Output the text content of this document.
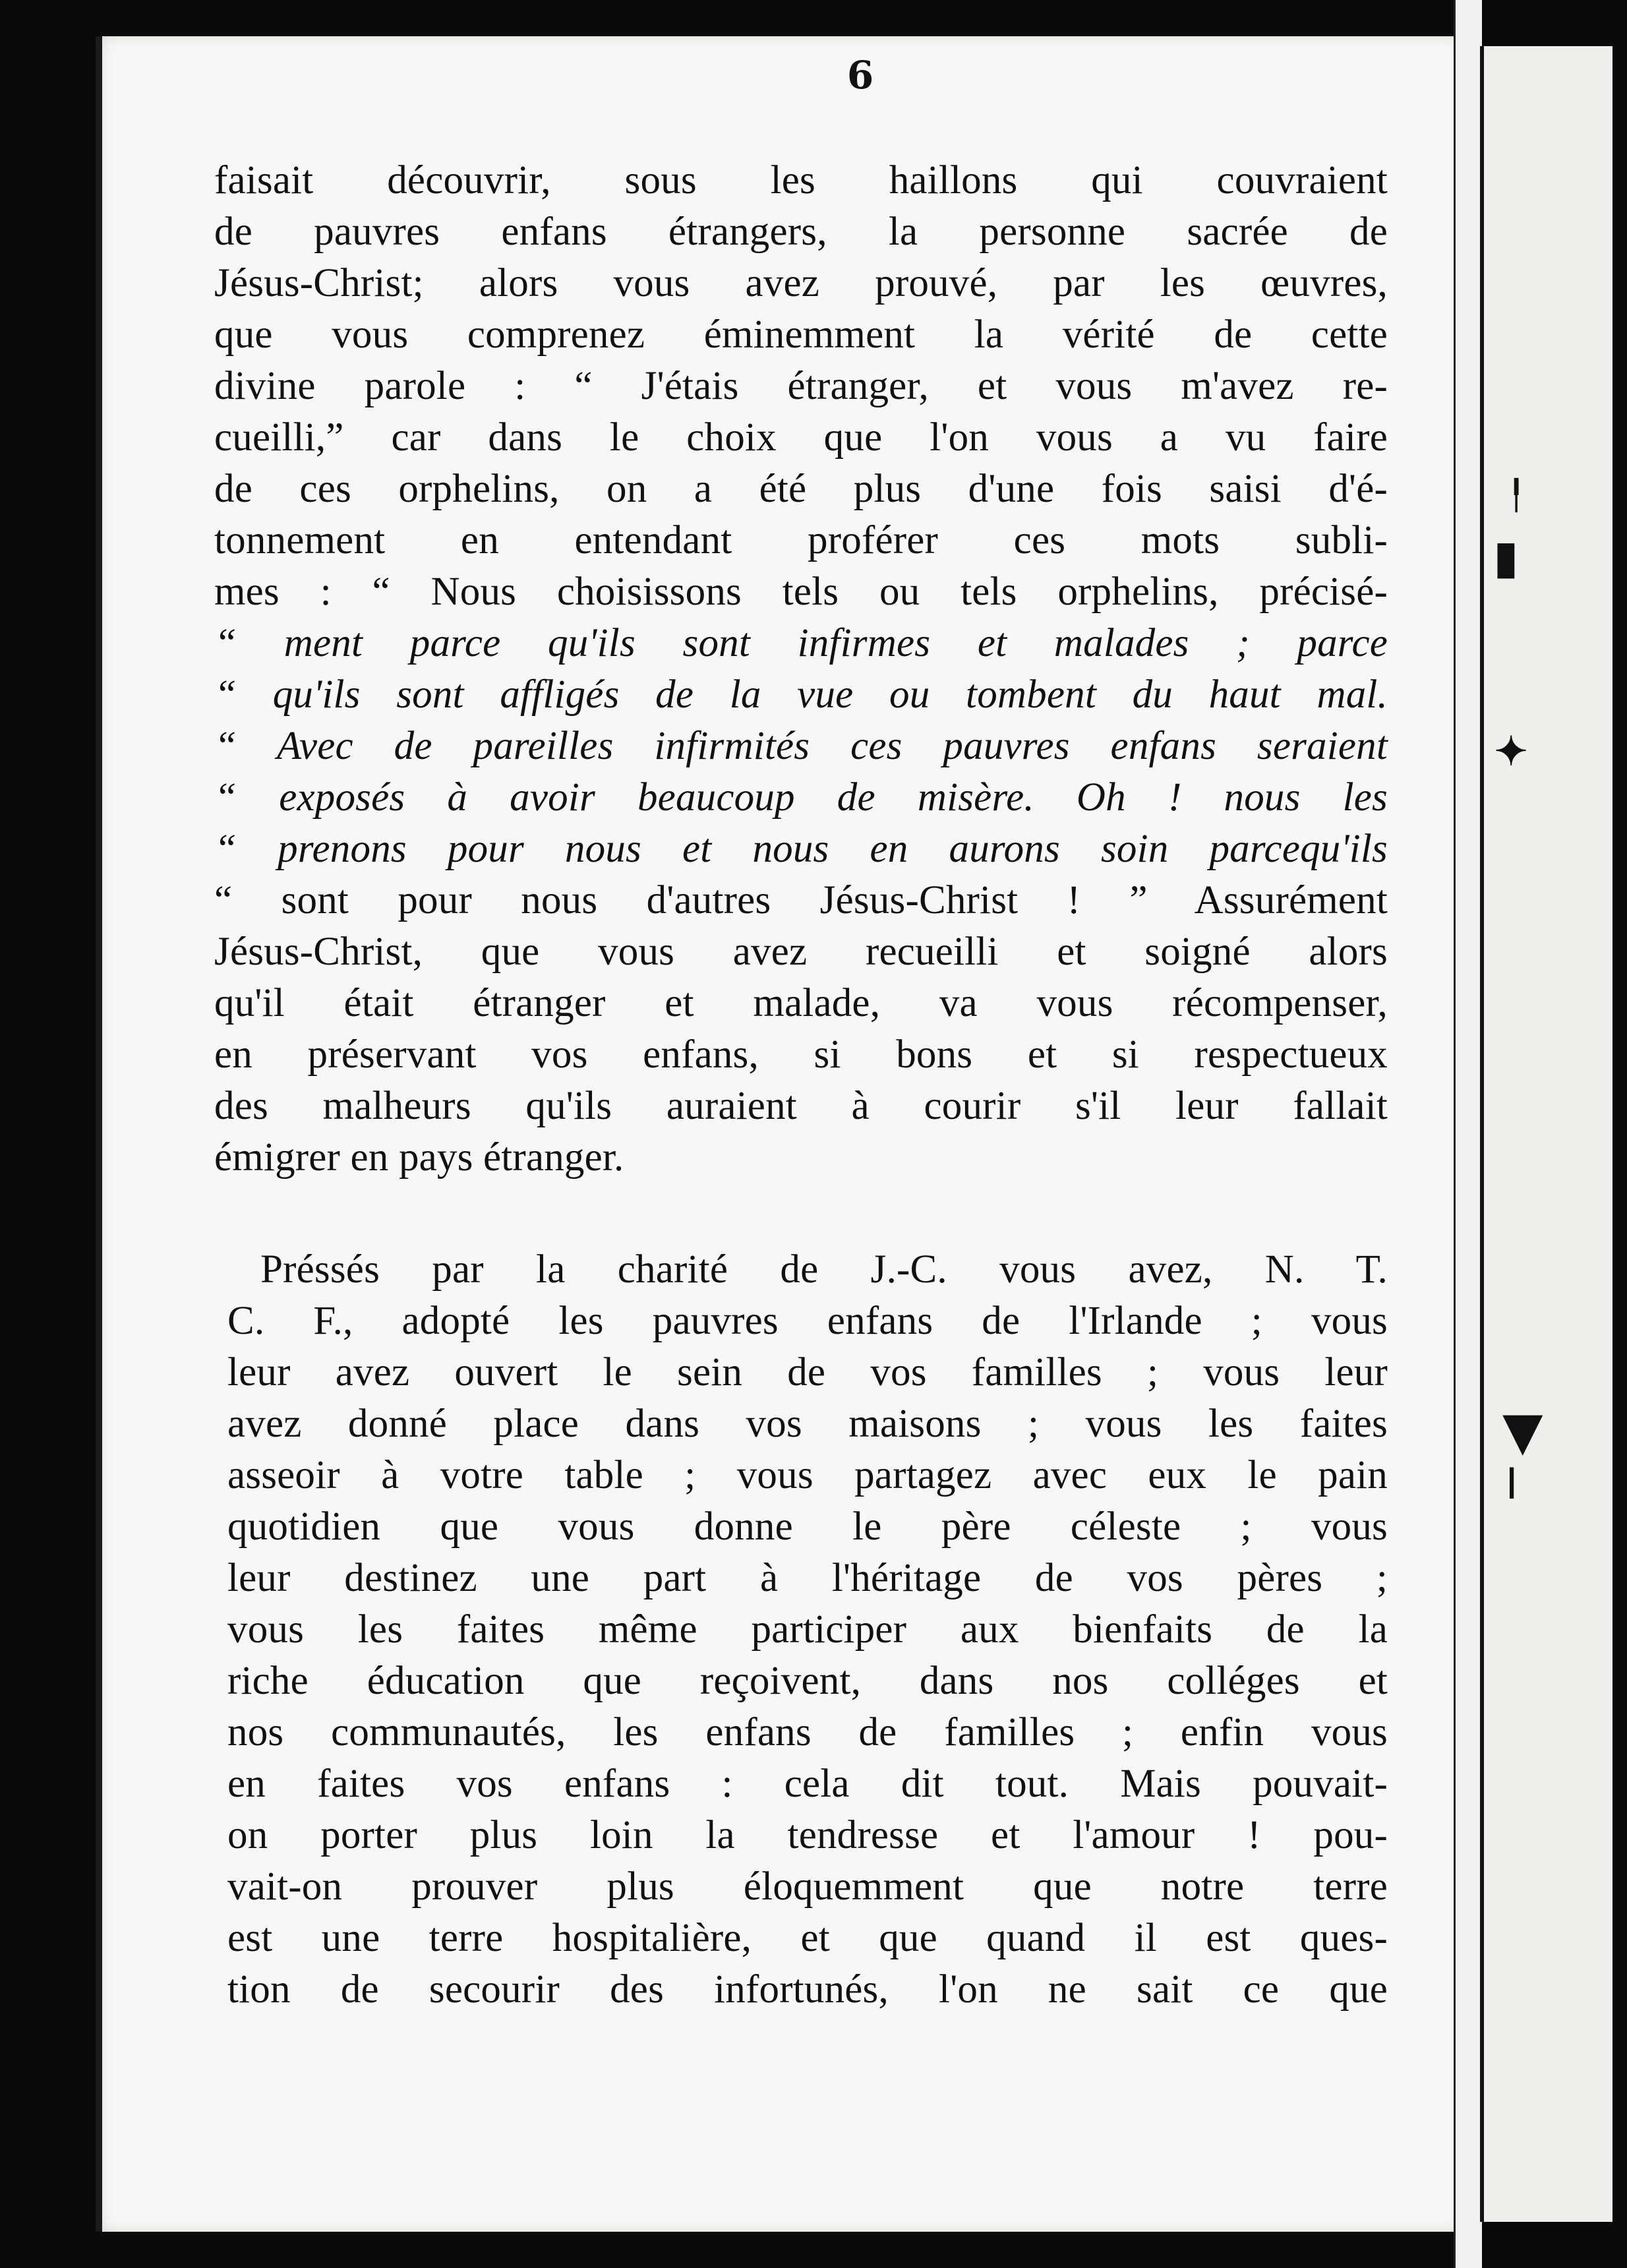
6
faisait découvrir, sous les haillons qui couvraient
de pauvres enfans étrangers, la personne sacrée de
Jésus-Christ; alors vous avez prouvé, par les œuvres,
que vous comprenez éminemment la vérité de cette
divine parole : “ J'étais étranger, et vous m'avez re-
cueilli,” car dans le choix que l'on vous a vu faire
de ces orphelins, on a été plus d'une fois saisi d'é-
tonnement en entendant proférer ces mots subli-
mes : “ Nous choisissons tels ou tels orphelins, précisé-
“ ment parce qu'ils sont infirmes et malades ; parce
“ qu'ils sont affligés de la vue ou tombent du haut mal.
“ Avec de pareilles infirmités ces pauvres enfans seraient
“ exposés à avoir beaucoup de misère. Oh ! nous les
“ prenons pour nous et nous en aurons soin parcequ'ils
“ sont pour nous d'autres Jésus-Christ ! ” Assurément
Jésus-Christ, que vous avez recueilli et soigné alors
qu'il était étranger et malade, va vous récompenser,
en préservant vos enfans, si bons et si respectueux
des malheurs qu'ils auraient à courir s'il leur fallait
émigrer en pays étranger.
Préssés par la charité de J.-C. vous avez, N. T.
C. F., adopté les pauvres enfans de l'Irlande ; vous
leur avez ouvert le sein de vos familles ; vous leur
avez donné place dans vos maisons ; vous les faites
asseoir à votre table ; vous partagez avec eux le pain
quotidien que vous donne le père céleste ; vous
leur destinez une part à l'héritage de vos pères ;
vous les faites même participer aux bienfaits de la
riche éducation que reçoivent, dans nos colléges et
nos communautés, les enfans de familles ; enfin vous
en faites vos enfans : cela dit tout. Mais pouvait-
on porter plus loin la tendresse et l'amour ! pou-
vait-on prouver plus éloquemment que notre terre
est une terre hospitalière, et que quand il est ques-
tion de secourir des infortunés, l'on ne sait ce que
╿
▮
✦
▼
┃
